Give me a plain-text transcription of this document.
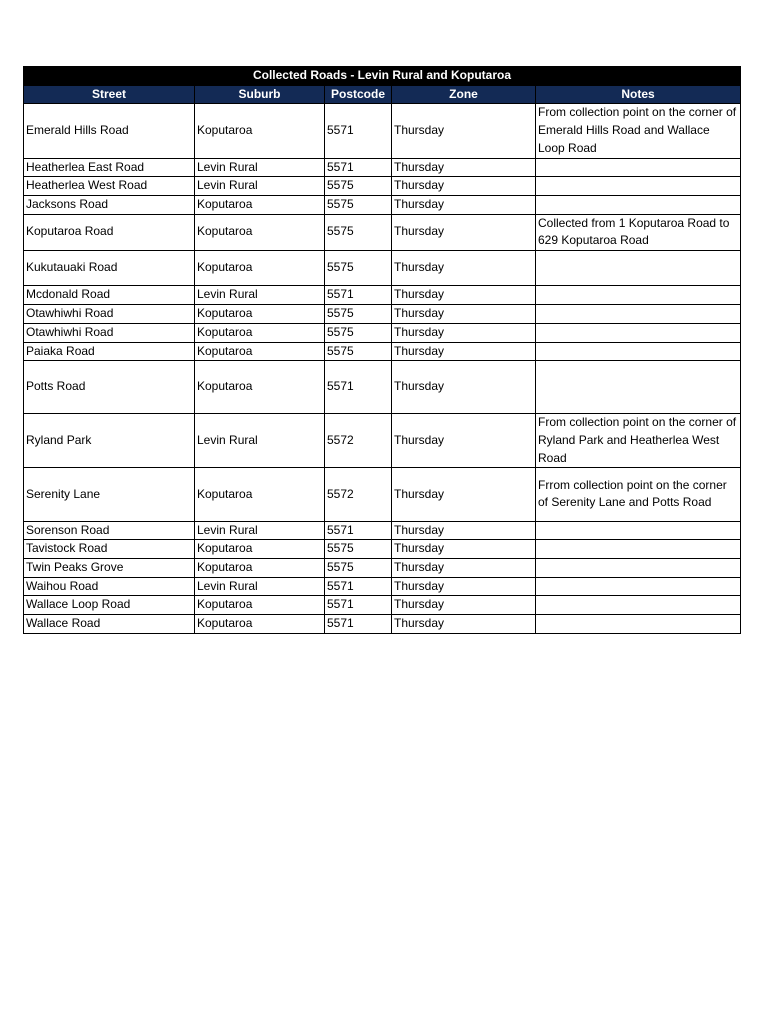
Collected Roads - Levin Rural and Koputaroa				
Street	Suburb	Postcode	Zone	Notes
Emerald Hills Road	Koputaroa	5571	Thursday	From collection point on the corner of Emerald Hills Road and Wallace Loop Road
Heatherlea East Road	Levin Rural	5571	Thursday	
Heatherlea West Road	Levin Rural	5575	Thursday	
Jacksons Road	Koputaroa	5575	Thursday	
Koputaroa Road	Koputaroa	5575	Thursday	Collected from 1 Koputaroa Road to 629 Koputaroa Road
Kukutauaki Road	Koputaroa	5575	Thursday	
Mcdonald Road	Levin Rural	5571	Thursday	
Otawhiwhi Road	Koputaroa	5575	Thursday	
Otawhiwhi Road	Koputaroa	5575	Thursday	
Paiaka Road	Koputaroa	5575	Thursday	
Potts Road	Koputaroa	5571	Thursday	
Ryland Park	Levin Rural	5572	Thursday	From collection point on the corner of Ryland Park and Heatherlea West Road
Serenity Lane	Koputaroa	5572	Thursday	Frrom collection point on the corner of Serenity Lane and Potts Road
Sorenson Road	Levin Rural	5571	Thursday	
Tavistock Road	Koputaroa	5575	Thursday	
Twin Peaks Grove	Koputaroa	5575	Thursday	
Waihou Road	Levin Rural	5571	Thursday	
Wallace Loop Road	Koputaroa	5571	Thursday	
Wallace Road	Koputaroa	5571	Thursday	
